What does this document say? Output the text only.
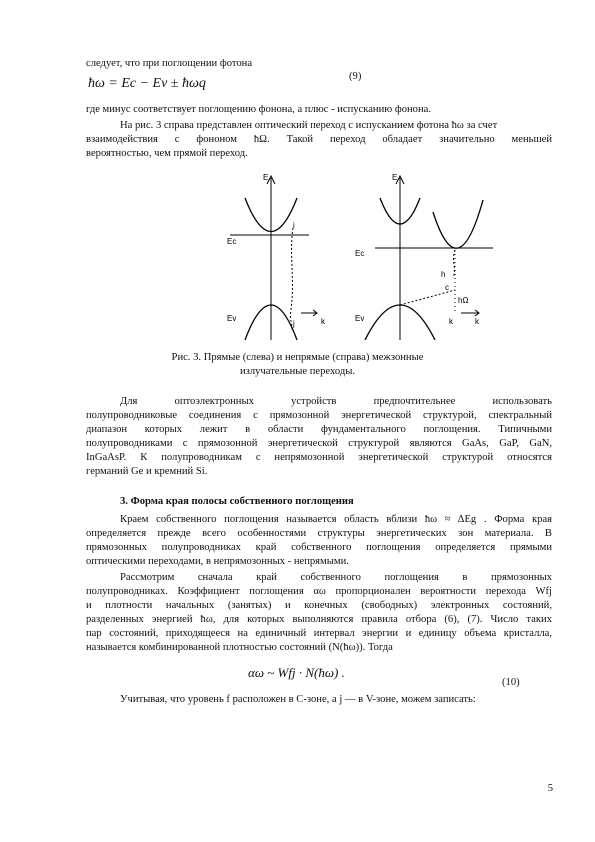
следует, что при поглощении фотона
ħω = Ec − Ev ± ħωq	(9)
где минус соответствует поглощению фонона, а плюс - испусканию фонона.
На рис. 3 справа представлен оптический переход с испусканием фотона ħω за счет
взаимодействия с фононом ħΩ. Такой переход обладает значительно меньшей
вероятностью, чем прямой переход.
E
Ec
Ev
i
j	k
E
Ec
Ev
h
c
hΩ
k	k
Рис. 3. Прямые (слева) и непрямые (справа) межзонные
излучательные переходы.
Для оптоэлектронных устройств предпочтительнее использовать
полупроводниковые соединения с прямозонной энергетической структурой, спектральный
диапазон которых лежит в области фундаментального поглощения. Типичными
полупроводниками с прямозонной энергетической структурой являются GaAs, GaP, GaN,
InGaAsP. К полупроводникам с непрямозонной энергетической структурой относятся
германий Ge и кремний Si.
3. Форма края полосы собственного поглощения
Краем собственного поглощения называется область вблизи ħω ≈ ΔEg . Форма края
определяется прежде всего особенностями структуры энергетических зон материала. В
прямозонных полупроводниках край собственного поглощения определяется прямыми
оптическими переходами, в непрямозонных - непрямыми.
Рассмотрим сначала край собственного поглощения в прямозонных
полупроводниках. Коэффициент поглощения αω пропорционален вероятности перехода Wfj
и плотности начальных (занятых) и конечных (свободных) электронных состояний,
разделенных энергией ħω, для которых выполняются правила отбора (6), (7). Число таких
пар состояний, приходящееся на единичный интервал энергии и единицу объема кристалла,
называется комбинированной плотностью состояний (N(ħω)). Тогда
αω ~ Wfj · N(ħω) .
(10)
Учитывая, что уровень f расположен в C-зоне, а j — в V-зоне, можем записать:
5
